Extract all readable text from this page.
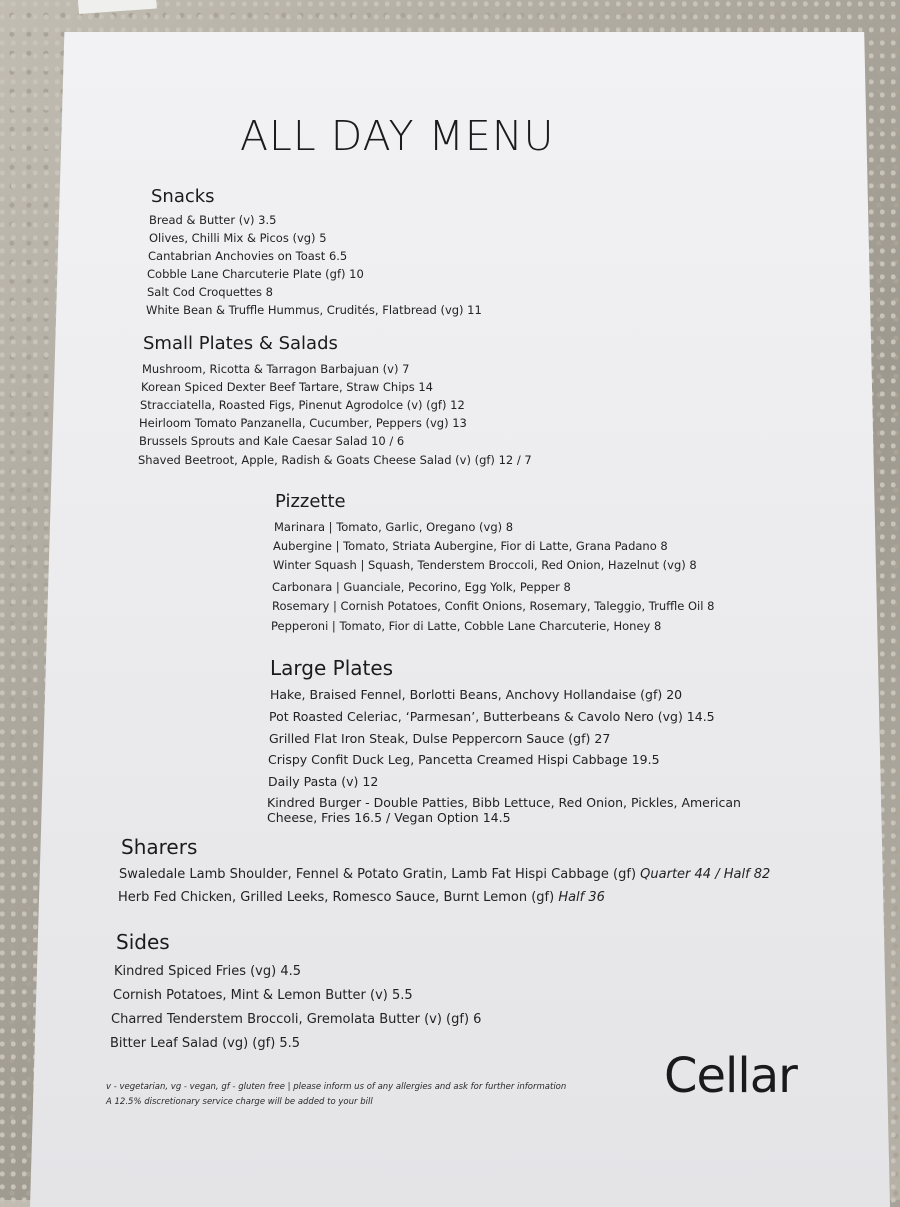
ALL DAY MENU
Snacks
Bread & Butter (v) 3.5
Olives, Chilli Mix & Picos (vg) 5
Cantabrian Anchovies on Toast 6.5
Cobble Lane Charcuterie Plate (gf) 10
Salt Cod Croquettes 8
White Bean & Truffle Hummus, Crudités, Flatbread (vg) 11
Small Plates & Salads
Mushroom, Ricotta & Tarragon Barbajuan (v) 7
Korean Spiced Dexter Beef Tartare, Straw Chips 14
Stracciatella, Roasted Figs, Pinenut Agrodolce (v) (gf) 12
Heirloom Tomato Panzanella, Cucumber, Peppers (vg) 13
Brussels Sprouts and Kale Caesar Salad 10 / 6
Shaved Beetroot, Apple, Radish & Goats Cheese Salad (v) (gf) 12 / 7
Pizzette
Marinara | Tomato, Garlic, Oregano (vg) 8
Aubergine | Tomato, Striata Aubergine, Fior di Latte, Grana Padano 8
Winter Squash | Squash, Tenderstem Broccoli, Red Onion, Hazelnut (vg) 8
Carbonara | Guanciale, Pecorino, Egg Yolk, Pepper 8
Rosemary | Cornish Potatoes, Confit Onions, Rosemary, Taleggio, Truffle Oil 8
Pepperoni | Tomato, Fior di Latte, Cobble Lane Charcuterie, Honey 8
Large Plates
Hake, Braised Fennel, Borlotti Beans, Anchovy Hollandaise (gf) 20
Pot Roasted Celeriac, ‘Parmesan’, Butterbeans & Cavolo Nero (vg) 14.5
Grilled Flat Iron Steak, Dulse Peppercorn Sauce (gf) 27
Crispy Confit Duck Leg, Pancetta Creamed Hispi Cabbage 19.5
Daily Pasta (v) 12
Kindred Burger - Double Patties, Bibb Lettuce, Red Onion, Pickles, American Cheese, Fries 16.5 / Vegan Option 14.5
Sharers
Swaledale Lamb Shoulder, Fennel & Potato Gratin, Lamb Fat Hispi Cabbage (gf) Quarter 44 / Half 82
Herb Fed Chicken, Grilled Leeks, Romesco Sauce, Burnt Lemon (gf) Half 36
Sides
Kindred Spiced Fries (vg) 4.5
Cornish Potatoes, Mint & Lemon Butter (v) 5.5
Charred Tenderstem Broccoli, Gremolata Butter (v) (gf) 6
Bitter Leaf Salad (vg) (gf) 5.5
v - vegetarian, vg - vegan, gf - gluten free | please inform us of any allergies and ask for further information
A 12.5% discretionary service charge will be added to your bill	Cellar
